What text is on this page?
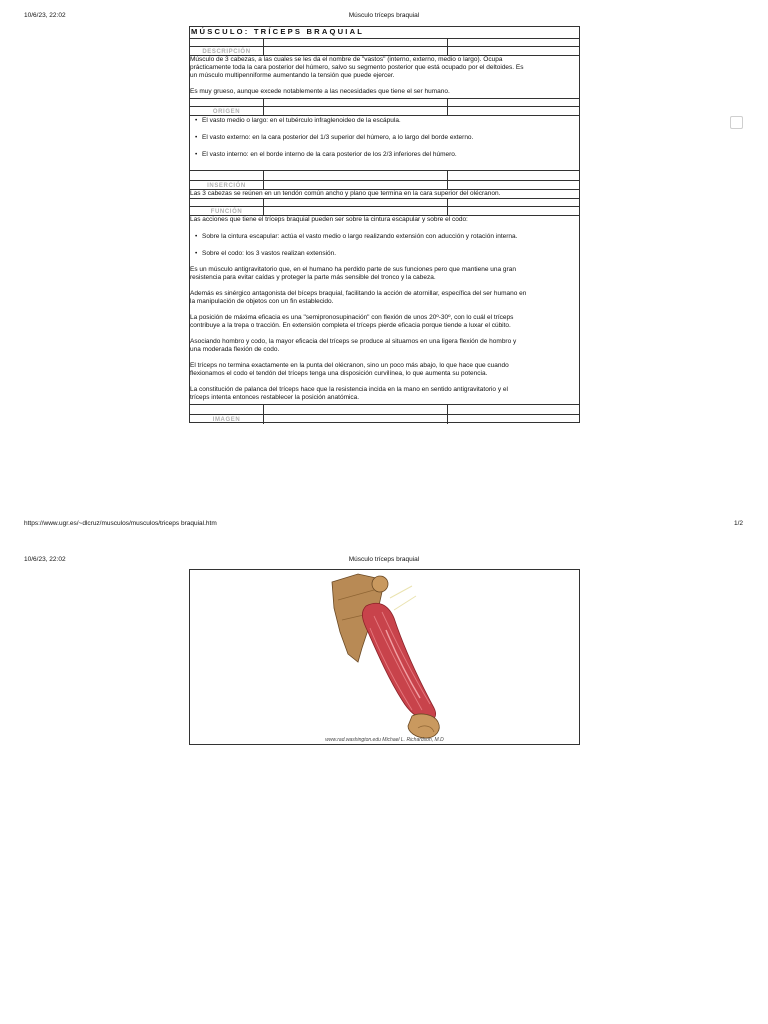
10/6/23, 22:02	Músculo tríceps braquial
MÚSCULO: TRÍCEPS BRAQUIAL
DESCRIPCIÓN
Músculo de 3 cabezas, a las cuales se les da el nombre de "vastos" (interno, externo, medio o largo). Ocupa
prácticamente toda la cara posterior del húmero, salvo su segmento posterior que está ocupado por el deltoides. Es
un músculo multipenniforme aumentando la tensión que puede ejercer.
Es muy grueso, aunque excede notablemente a las necesidades que tiene el ser humano.
ORIGEN
• El vasto medio o largo: en el tubérculo infraglenoideo de la escápula.
• El vasto externo: en la cara posterior del 1/3 superior del húmero, a lo largo del borde externo.
• El vasto interno: en el borde interno de la cara posterior de los 2/3 inferiores del húmero.
INSERCIÓN
Las 3 cabezas se reúnen en un tendón común ancho y plano que termina en la cara superior del olécranon.
FUNCIÓN
Las acciones que tiene el tríceps braquial pueden ser sobre la cintura escapular y sobre el codo:
• Sobre la cintura escapular: actúa el vasto medio o largo realizando extensión con aducción y rotación interna.
• Sobre el codo: los 3 vastos realizan extensión.
Es un músculo antigravitatorio que, en el humano ha perdido parte de sus funciones pero que mantiene una gran
resistencia para evitar caídas y proteger la parte más sensible del tronco y la cabeza.
Además es sinérgico antagonista del bíceps braquial, facilitando la acción de atornillar, específica del ser humano en
la manipulación de objetos con un fin establecido.
La posición de máxima eficacia es una "semipronosupinación" con flexión de unos 20º-30º, con lo cuál el tríceps
contribuye a la trepa o tracción. En extensión completa el tríceps pierde eficacia porque tiende a luxar el cúbito.
Asociando hombro y codo, la mayor eficacia del tríceps se produce al situarnos en una ligera flexión de hombro y
una moderada flexión de codo.
El tríceps no termina exactamente en la punta del olécranon, sino un poco más abajo, lo que hace que cuando
flexionamos el codo el tendón del tríceps tenga una disposición curvilínea, lo que aumenta su potencia.
La constitución de palanca del tríceps hace que la resistencia incida en la mano en sentido antigravitatorio y el
tríceps intenta entonces restablecer la posición anatómica.
IMAGEN
https://www.ugr.es/~dlcruz/musculos/musculos/triceps braquial.htm	1/2
10/6/23, 22:02	Músculo tríceps braquial
www.rad.washington.edu Michael L. Richardson, M.D
